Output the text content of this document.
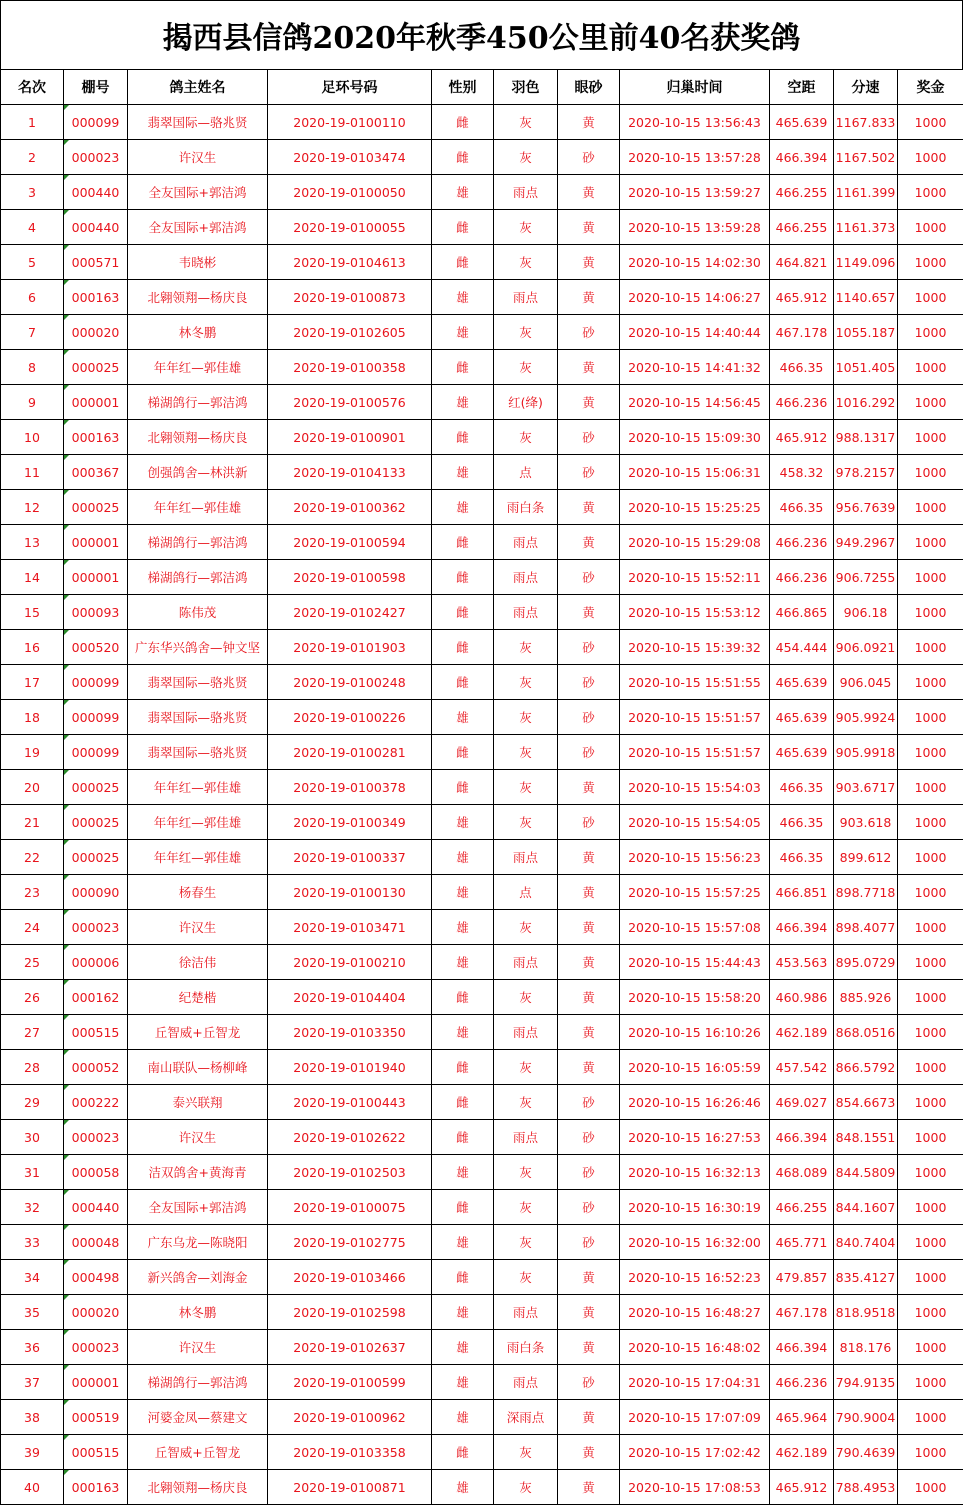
揭西县信鸽2020年秋季450公里前40名获奖鸽
名次	棚号	鸽主姓名	足环号码	性别	羽色	眼砂	归巢时间	空距	分速	奖金
1	000099	翡翠国际—骆兆贤	2020-19-0100110	雌	灰	黄	2020-10-15 13:56:43	465.639	1167.833	1000
2	000023	许汉生	2020-19-0103474	雌	灰	砂	2020-10-15 13:57:28	466.394	1167.502	1000
3	000440	全友国际+郭洁鸿	2020-19-0100050	雄	雨点	黄	2020-10-15 13:59:27	466.255	1161.399	1000
4	000440	全友国际+郭洁鸿	2020-19-0100055	雌	灰	黄	2020-10-15 13:59:28	466.255	1161.373	1000
5	000571	韦晓彬	2020-19-0104613	雌	灰	黄	2020-10-15 14:02:30	464.821	1149.096	1000
6	000163	北翱领翔—杨庆良	2020-19-0100873	雄	雨点	黄	2020-10-15 14:06:27	465.912	1140.657	1000
7	000020	林冬鹏	2020-19-0102605	雄	灰	砂	2020-10-15 14:40:44	467.178	1055.187	1000
8	000025	年年红—郭佳雄	2020-19-0100358	雌	灰	黄	2020-10-15 14:41:32	466.35	1051.405	1000
9	000001	梯湖鸽行—郭洁鸿	2020-19-0100576	雄	红(绛)	黄	2020-10-15 14:56:45	466.236	1016.292	1000
10	000163	北翱领翔—杨庆良	2020-19-0100901	雌	灰	砂	2020-10-15 15:09:30	465.912	988.1317	1000
11	000367	创强鸽舍—林洪新	2020-19-0104133	雄	点	砂	2020-10-15 15:06:31	458.32	978.2157	1000
12	000025	年年红—郭佳雄	2020-19-0100362	雄	雨白条	黄	2020-10-15 15:25:25	466.35	956.7639	1000
13	000001	梯湖鸽行—郭洁鸿	2020-19-0100594	雌	雨点	黄	2020-10-15 15:29:08	466.236	949.2967	1000
14	000001	梯湖鸽行—郭洁鸿	2020-19-0100598	雌	雨点	砂	2020-10-15 15:52:11	466.236	906.7255	1000
15	000093	陈伟茂	2020-19-0102427	雌	雨点	黄	2020-10-15 15:53:12	466.865	906.18	1000
16	000520	广东华兴鸽舍—钟文坚	2020-19-0101903	雌	灰	砂	2020-10-15 15:39:32	454.444	906.0921	1000
17	000099	翡翠国际—骆兆贤	2020-19-0100248	雌	灰	砂	2020-10-15 15:51:55	465.639	906.045	1000
18	000099	翡翠国际—骆兆贤	2020-19-0100226	雄	灰	砂	2020-10-15 15:51:57	465.639	905.9924	1000
19	000099	翡翠国际—骆兆贤	2020-19-0100281	雌	灰	砂	2020-10-15 15:51:57	465.639	905.9918	1000
20	000025	年年红—郭佳雄	2020-19-0100378	雌	灰	黄	2020-10-15 15:54:03	466.35	903.6717	1000
21	000025	年年红—郭佳雄	2020-19-0100349	雄	灰	砂	2020-10-15 15:54:05	466.35	903.618	1000
22	000025	年年红—郭佳雄	2020-19-0100337	雄	雨点	黄	2020-10-15 15:56:23	466.35	899.612	1000
23	000090	杨春生	2020-19-0100130	雄	点	黄	2020-10-15 15:57:25	466.851	898.7718	1000
24	000023	许汉生	2020-19-0103471	雄	灰	黄	2020-10-15 15:57:08	466.394	898.4077	1000
25	000006	徐洁伟	2020-19-0100210	雄	雨点	黄	2020-10-15 15:44:43	453.563	895.0729	1000
26	000162	纪楚楷	2020-19-0104404	雌	灰	黄	2020-10-15 15:58:20	460.986	885.926	1000
27	000515	丘智威+丘智龙	2020-19-0103350	雄	雨点	黄	2020-10-15 16:10:26	462.189	868.0516	1000
28	000052	南山联队—杨柳峰	2020-19-0101940	雌	灰	黄	2020-10-15 16:05:59	457.542	866.5792	1000
29	000222	泰兴联翔	2020-19-0100443	雌	灰	砂	2020-10-15 16:26:46	469.027	854.6673	1000
30	000023	许汉生	2020-19-0102622	雌	雨点	砂	2020-10-15 16:27:53	466.394	848.1551	1000
31	000058	洁双鸽舍+黄海青	2020-19-0102503	雄	灰	砂	2020-10-15 16:32:13	468.089	844.5809	1000
32	000440	全友国际+郭洁鸿	2020-19-0100075	雌	灰	砂	2020-10-15 16:30:19	466.255	844.1607	1000
33	000048	广东乌龙—陈晓阳	2020-19-0102775	雄	灰	砂	2020-10-15 16:32:00	465.771	840.7404	1000
34	000498	新兴鸽舍—刘海金	2020-19-0103466	雌	灰	黄	2020-10-15 16:52:23	479.857	835.4127	1000
35	000020	林冬鹏	2020-19-0102598	雄	雨点	黄	2020-10-15 16:48:27	467.178	818.9518	1000
36	000023	许汉生	2020-19-0102637	雄	雨白条	黄	2020-10-15 16:48:02	466.394	818.176	1000
37	000001	梯湖鸽行—郭洁鸿	2020-19-0100599	雄	雨点	砂	2020-10-15 17:04:31	466.236	794.9135	1000
38	000519	河婆金凤—蔡建文	2020-19-0100962	雄	深雨点	黄	2020-10-15 17:07:09	465.964	790.9004	1000
39	000515	丘智威+丘智龙	2020-19-0103358	雌	灰	黄	2020-10-15 17:02:42	462.189	790.4639	1000
40	000163	北翱领翔—杨庆良	2020-19-0100871	雄	灰	黄	2020-10-15 17:08:53	465.912	788.4953	1000
